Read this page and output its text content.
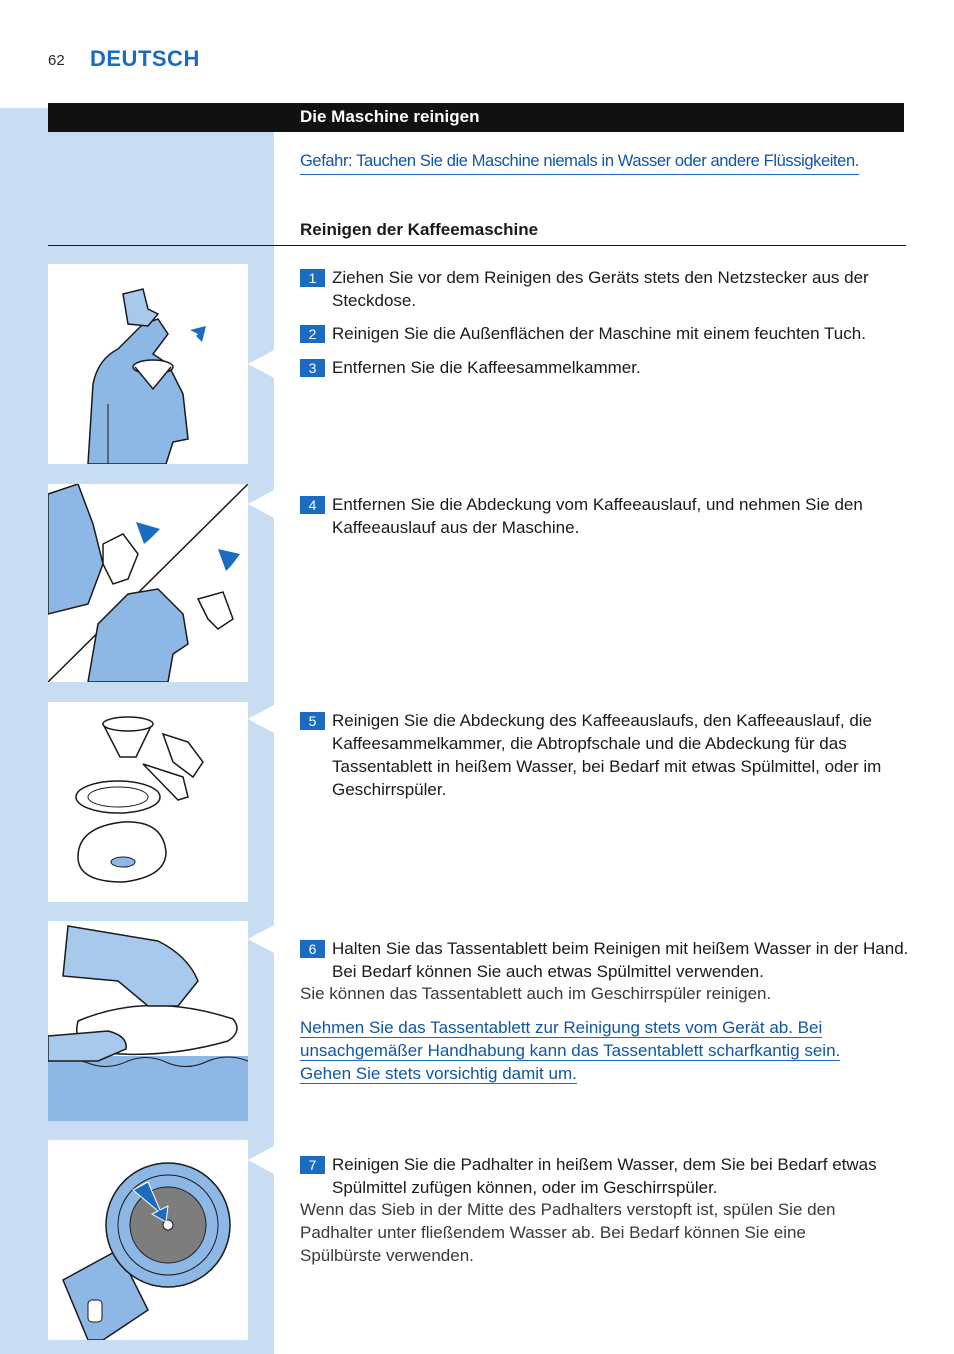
62 DEUTSCH
Die Maschine reinigen
Gefahr: Tauchen Sie die Maschine niemals in Wasser oder andere Flüssigkeiten.
Reinigen der Kaffeemaschine
1 Ziehen Sie vor dem Reinigen des Geräts stets den Netzstecker aus der Steckdose.
2 Reinigen Sie die Außenflächen der Maschine mit einem feuchten Tuch.
3 Entfernen Sie die Kaffeesammelkammer.
4 Entfernen Sie die Abdeckung vom Kaffeeauslauf, und nehmen Sie den Kaffeeauslauf aus der Maschine.
5 Reinigen Sie die Abdeckung des Kaffeeauslaufs, den Kaffeeauslauf, die Kaffeesammelkammer, die Abtropfschale und die Abdeckung für das Tassentablett in heißem Wasser, bei Bedarf mit etwas Spülmittel, oder im Geschirrspüler.
6 Halten Sie das Tassentablett beim Reinigen mit heißem Wasser in der Hand. Bei Bedarf können Sie auch etwas Spülmittel verwenden.
Sie können das Tassentablett auch im Geschirrspüler reinigen.
Nehmen Sie das Tassentablett zur Reinigung stets vom Gerät ab. Bei
unsachgemäßer Handhabung kann das Tassentablett scharfkantig sein.
Gehen Sie stets vorsichtig damit um.
7 Reinigen Sie die Padhalter in heißem Wasser, dem Sie bei Bedarf etwas Spülmittel zufügen können, oder im Geschirrspüler.
Wenn das Sieb in der Mitte des Padhalters verstopft ist, spülen Sie den Padhalter unter fließendem Wasser ab. Bei Bedarf können Sie eine Spülbürste verwenden.
